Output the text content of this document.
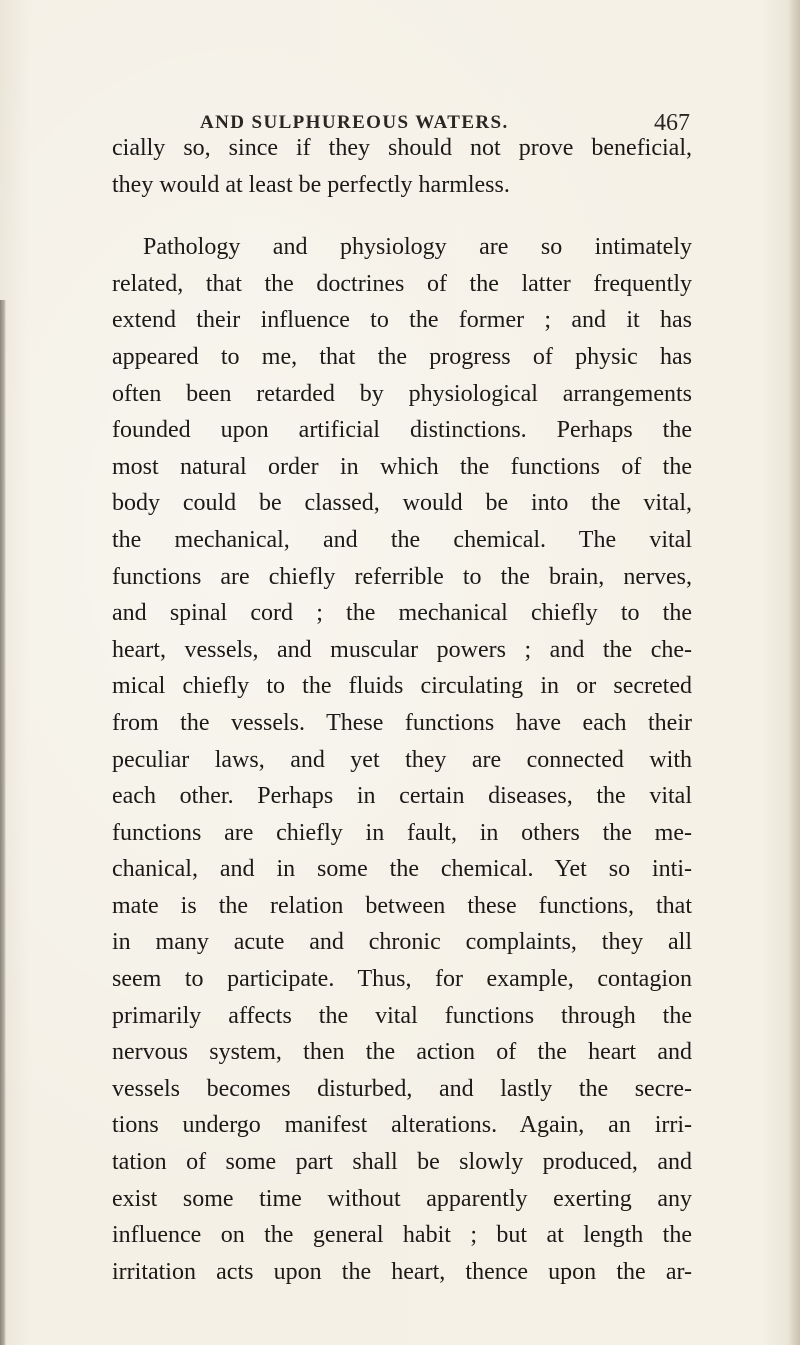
AND SULPHUREOUS WATERS.	467
cially so, since if they should not prove beneficial,
they would at least be perfectly harmless.
Pathology and physiology are so intimately
related, that the doctrines of the latter frequently
extend their influence to the former ; and it has
appeared to me, that the progress of physic has
often been retarded by physiological arrangements
founded upon artificial distinctions. Perhaps the
most natural order in which the functions of the
body could be classed, would be into the vital,
the mechanical, and the chemical. The vital
functions are chiefly referrible to the brain, nerves,
and spinal cord ; the mechanical chiefly to the
heart, vessels, and muscular powers ; and the che-
mical chiefly to the fluids circulating in or secreted
from the vessels. These functions have each their
peculiar laws, and yet they are connected with
each other. Perhaps in certain diseases, the vital
functions are chiefly in fault, in others the me-
chanical, and in some the chemical. Yet so inti-
mate is the relation between these functions, that
in many acute and chronic complaints, they all
seem to participate. Thus, for example, contagion
primarily affects the vital functions through the
nervous system, then the action of the heart and
vessels becomes disturbed, and lastly the secre-
tions undergo manifest alterations. Again, an irri-
tation of some part shall be slowly produced, and
exist some time without apparently exerting any
influence on the general habit ; but at length the
irritation acts upon the heart, thence upon the ar-
